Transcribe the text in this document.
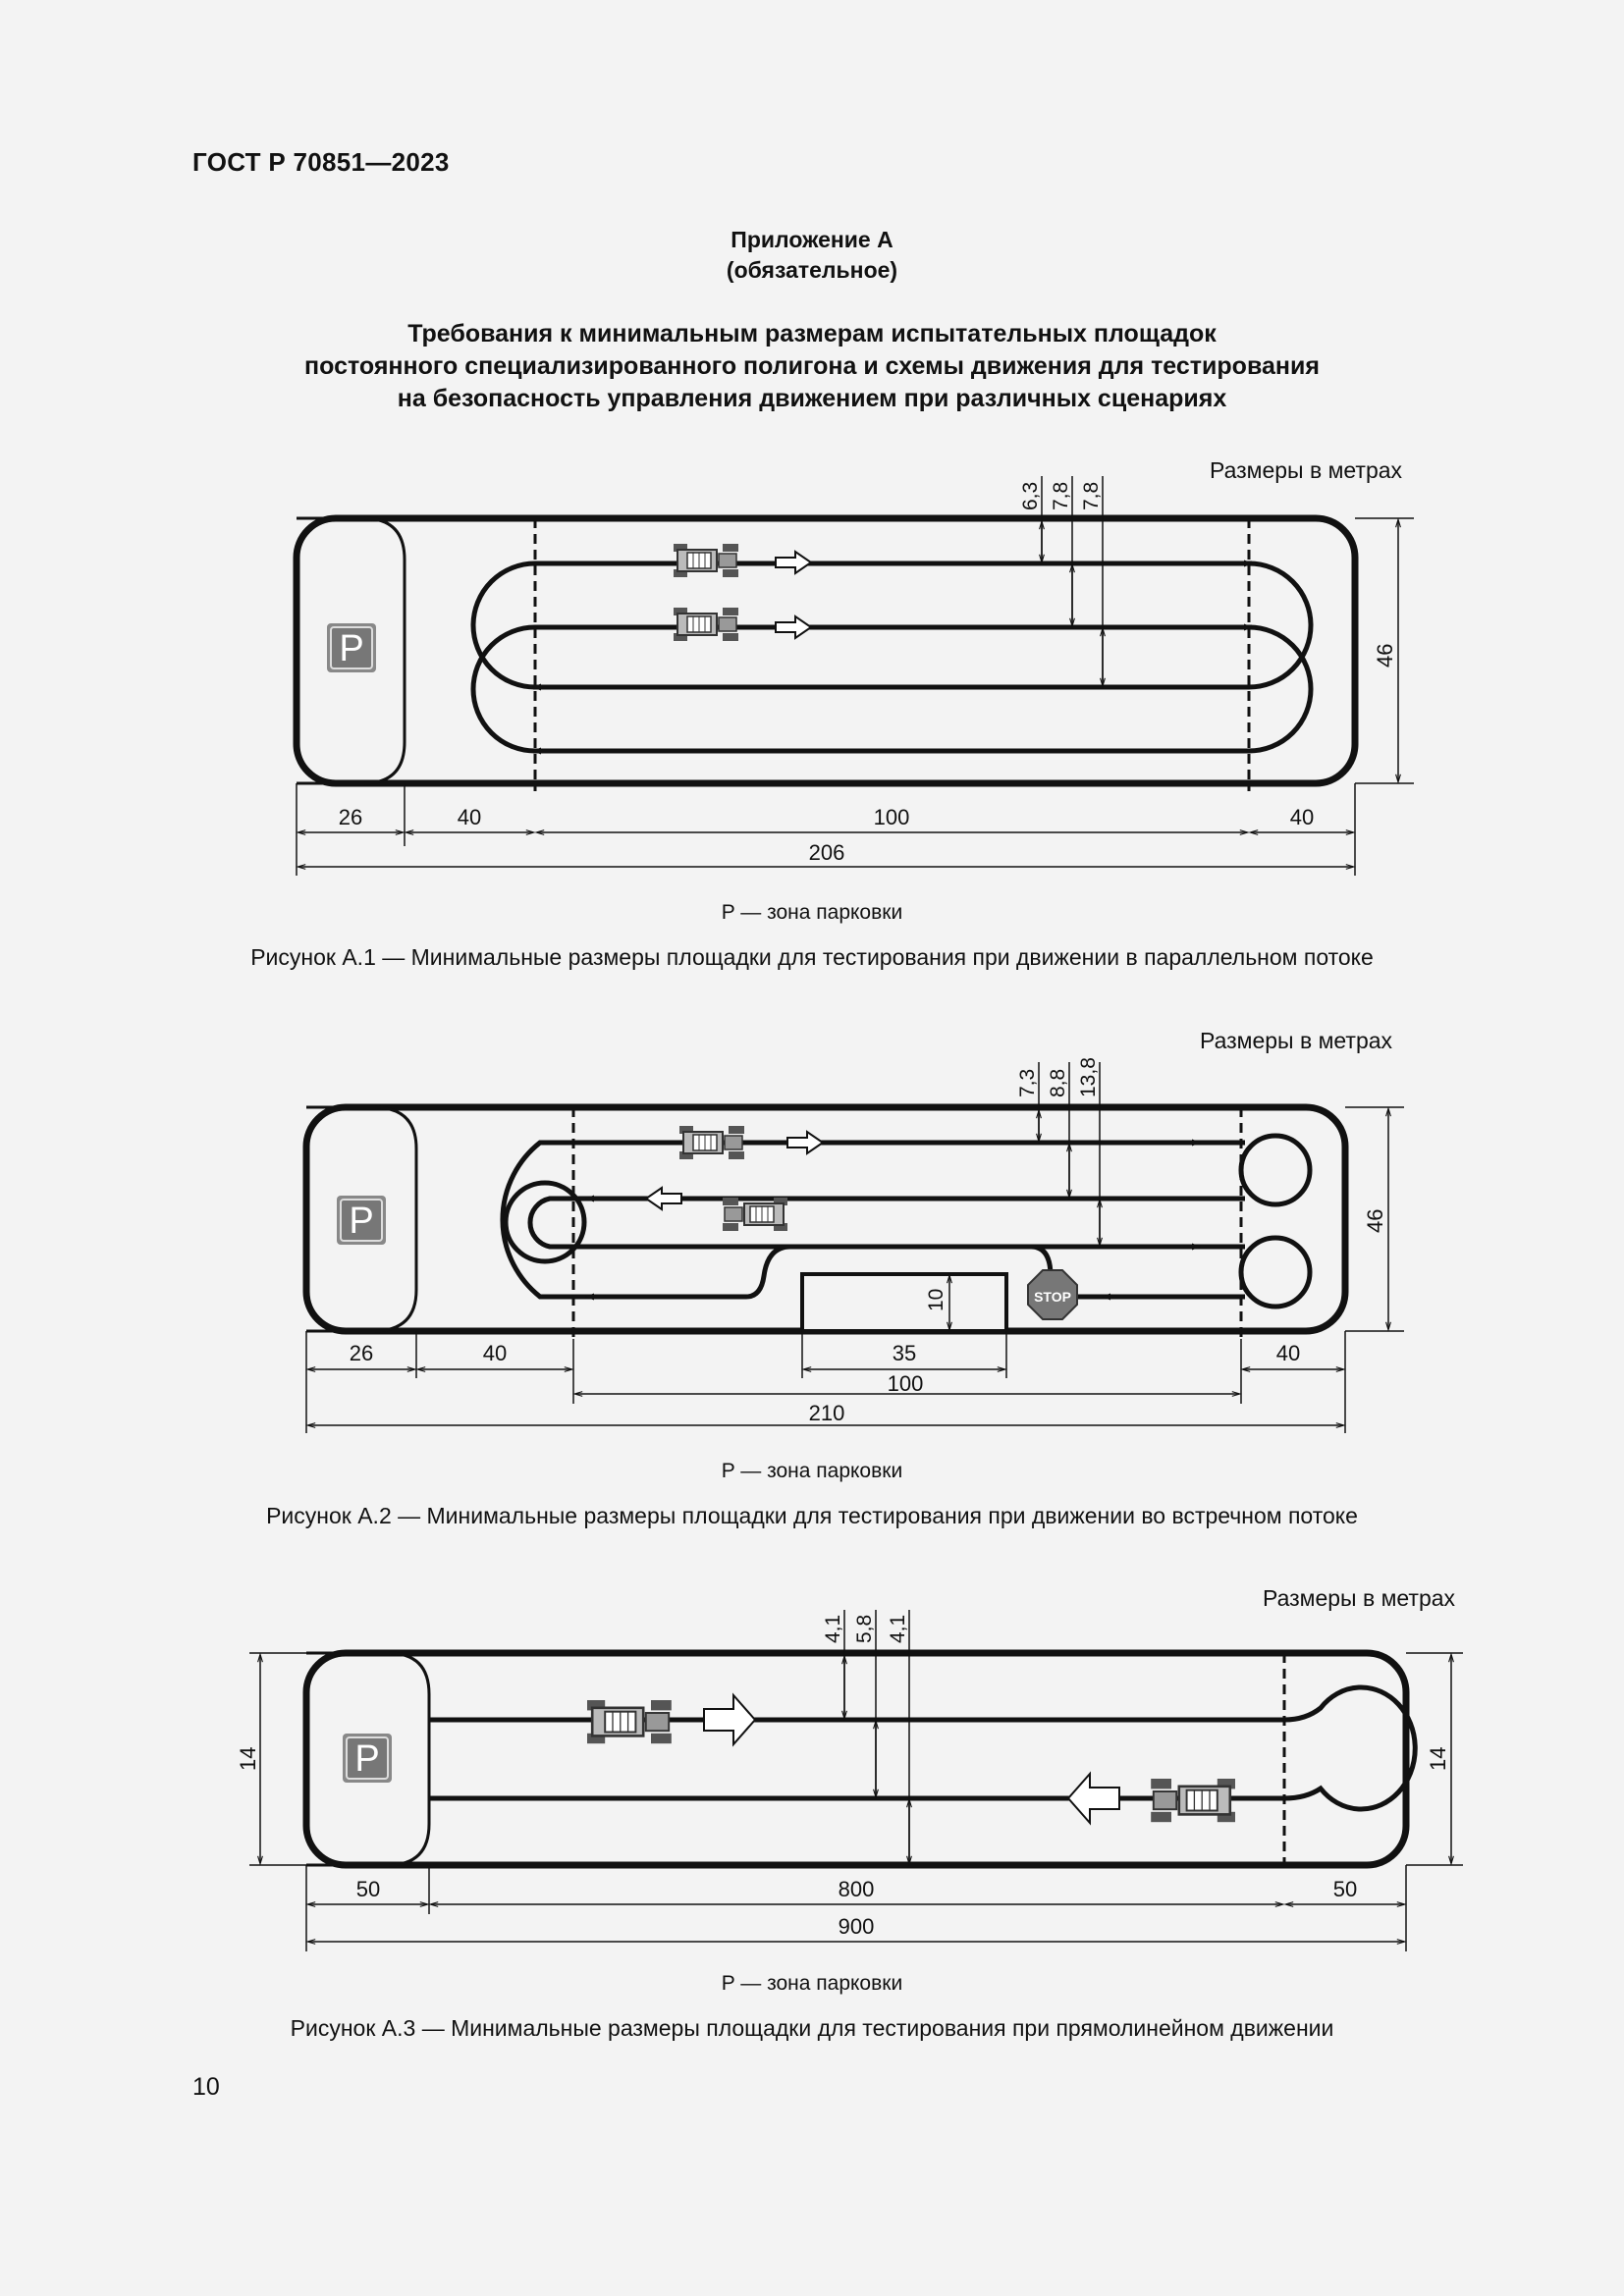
ГОСТ Р 70851—2023
Приложение А
(обязательное)
Требования к минимальным размерам испытательных площадок
постоянного специализированного полигона и схемы движения для тестирования
на безопасность управления движением при различных сценариях
Размеры в метрах
Размеры в метрах
Размеры в метрах
P
6,3 7,8 7,8
46
26	40	100	40
206
10	STOP
P
7,3 8,8 13,8
46
26	40	35	40
100
210
P
4,1 5,8 4,1
14	14
50	800	50
900
P — зона парковки
Рисунок А.1 — Минимальные размеры площадки для тестирования при движении в параллельном потоке
P — зона парковки
Рисунок А.2 — Минимальные размеры площадки для тестирования при движении во встречном потоке
P — зона парковки
Рисунок А.3 — Минимальные размеры площадки для тестирования при прямолинейном движении
10
